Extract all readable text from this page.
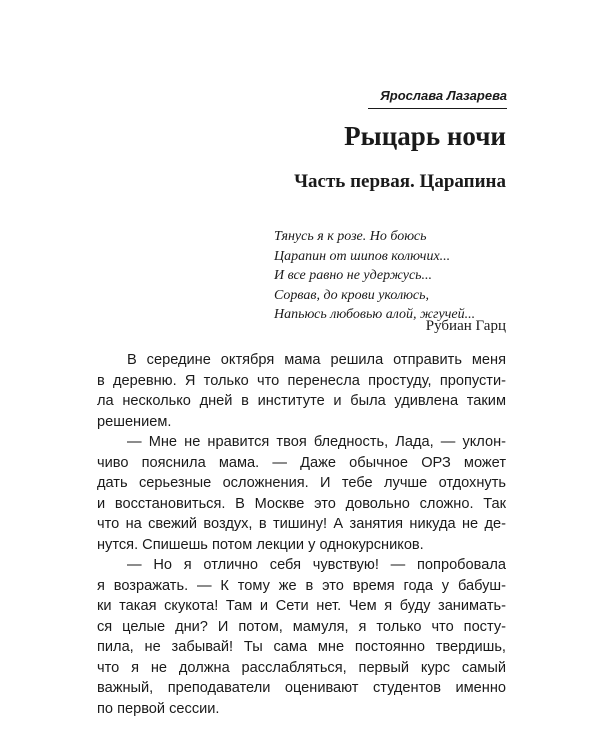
Ярослава Лазарева
Рыцарь ночи
Часть первая. Царапина
Тянусь я к розе. Но боюсь
Царапин от шипов колючих...
И все равно не удержусь...
Сорвав, до крови уколюсь,
Напьюсь любовью алой, жгучей...
Рубиан Гарц
В середине октября мама решила отправить меня
в деревню. Я только что перенесла простуду, пропусти-
ла несколько дней в институте и была удивлена таким
решением.
— Мне не нравится твоя бледность, Лада, — уклон-
чиво пояснила мама. — Даже обычное ОРЗ может
дать серьезные осложнения. И тебе лучше отдохнуть
и восстановиться. В Москве это довольно сложно. Так
что на свежий воздух, в тишину! А занятия никуда не де-
нутся. Спишешь потом лекции у однокурсников.
— Но я отлично себя чувствую! — попробовала
я возражать. — К тому же в это время года у бабуш-
ки такая скукота! Там и Сети нет. Чем я буду занимать-
ся целые дни? И потом, мамуля, я только что посту-
пила, не забывай! Ты сама мне постоянно твердишь,
что я не должна расслабляться, первый курс самый
важный, преподаватели оценивают студентов именно
по первой сессии.
